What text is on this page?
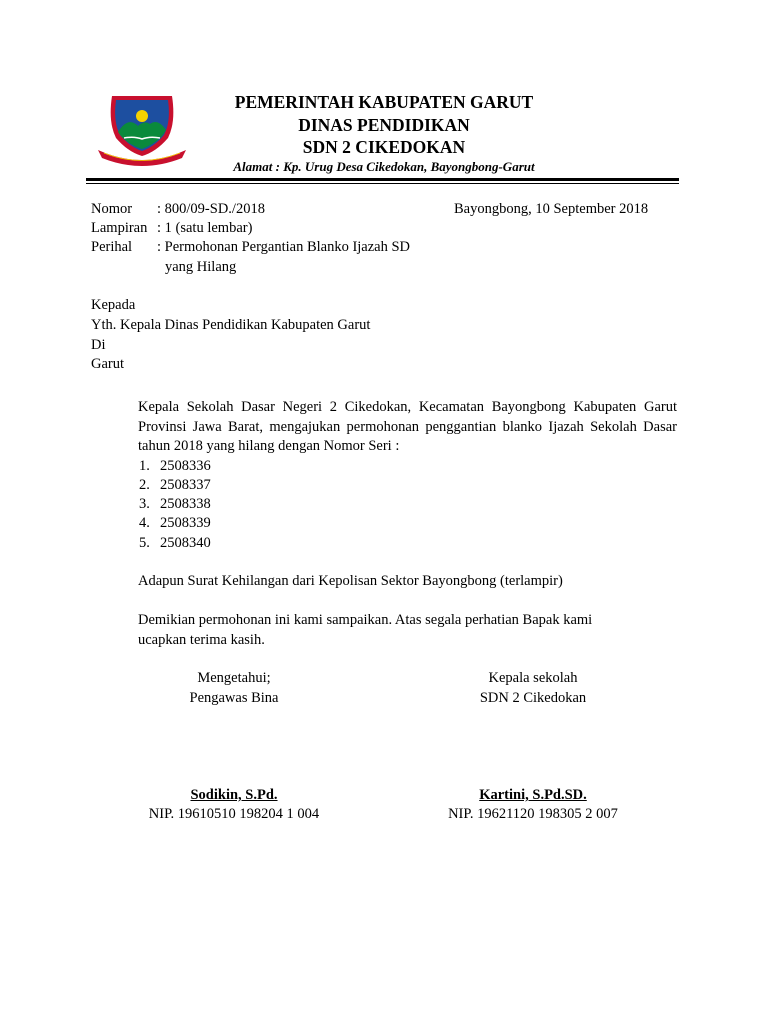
PEMERINTAH KABUPATEN GARUT
DINAS PENDIDIKAN
SDN 2 CIKEDOKAN
Alamat : Kp. Urug Desa Cikedokan, Bayongbong-Garut
Nomor : 800/09-SD./2018	Bayongbong, 10 September 2018
Lampiran : 1 (satu lembar)
Perihal : Permohonan Pergantian Blanko Ijazah SD
yang Hilang
Kepada
Yth. Kepala Dinas Pendidikan Kabupaten Garut
Di
Garut
Kepala Sekolah Dasar Negeri 2 Cikedokan, Kecamatan Bayongbong Kabupaten Garut Provinsi Jawa Barat, mengajukan permohonan penggantian blanko Ijazah Sekolah Dasar tahun 2018 yang hilang dengan Nomor Seri :
1. 2508336
2. 2508337
3. 2508338
4. 2508339
5. 2508340
Adapun Surat Kehilangan dari Kepolisan Sektor Bayongbong (terlampir)
Demikian permohonan ini kami sampaikan. Atas segala perhatian Bapak kami
ucapkan terima kasih.
Mengetahui;
Pengawas Bina
Sodikin, S.Pd.
NIP. 19610510 198204 1 004
Kepala sekolah
SDN 2 Cikedokan
Kartini, S.Pd.SD.
NIP. 19621120 198305 2 007
